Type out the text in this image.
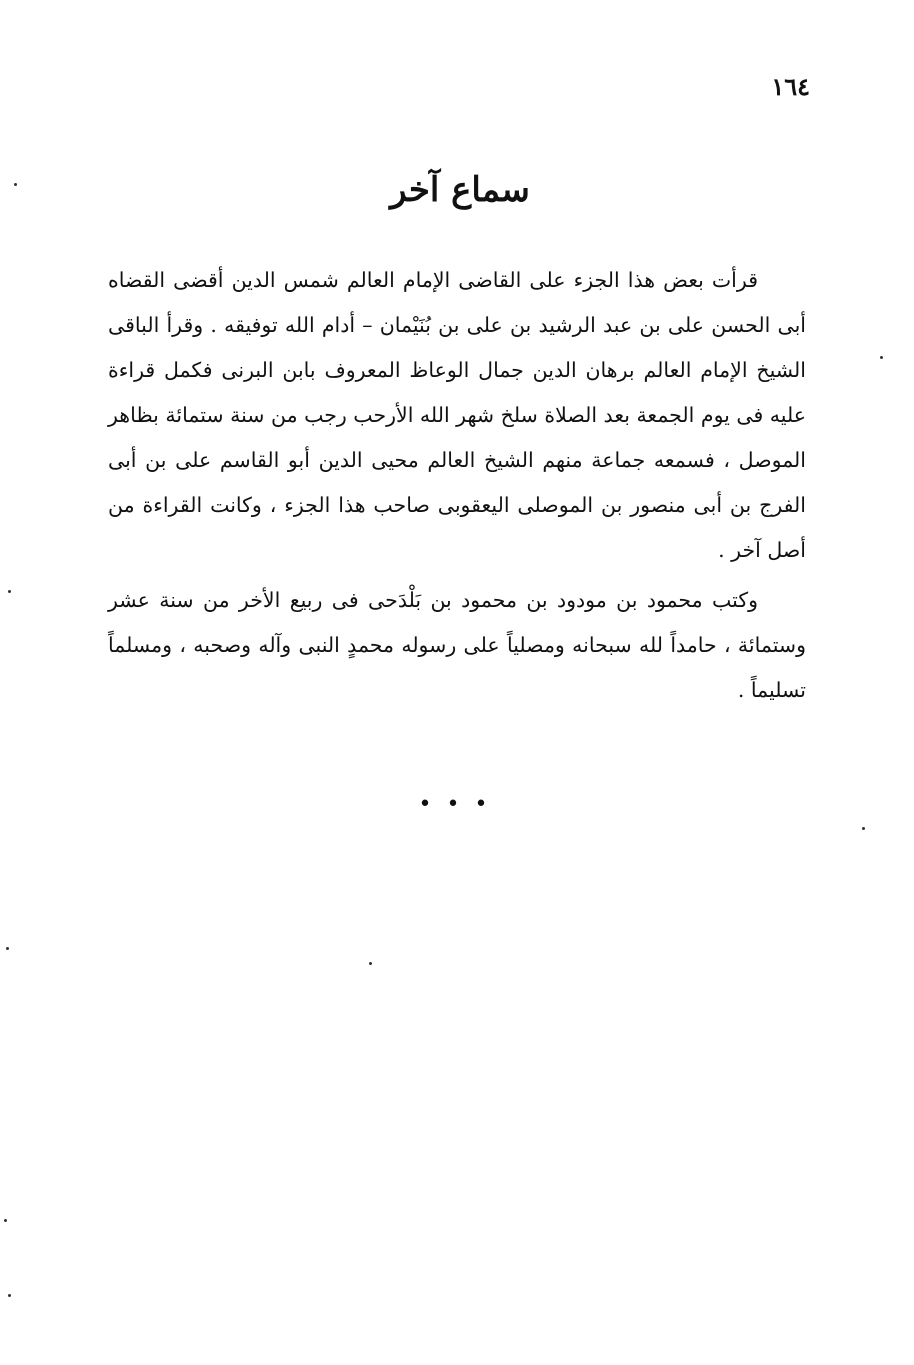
١٦٤
سماع آخر

قرأت بعض هذا الجزء على القاضى الإمام العالم شمس الدين أقضى القضاه أبى الحسن على بن عبد الرشيد بن على بن بُنَيْمان – أدام الله توفيقه . وقرأ الباقى الشيخ الإمام العالم برهان الدين جمال الوعاظ المعروف بابن البرنى فكمل قراءة عليه فى يوم الجمعة بعد الصلاة سلخ شهر الله الأرحب رجب من سنة ستمائة بظاهر الموصل ، فسمعه جماعة منهم الشيخ العالم محيى الدين أبو القاسم على بن أبى الفرج بن أبى منصور بن الموصلى اليعقوبى صاحب هذا الجزء ، وكانت القراءة من أصل آخر .

وكتب محمود بن مودود بن محمود بن بَلْدَحى فى ربيع الأخر من سنة عشر وستمائة ، حامداً لله سبحانه ومصلياً على رسوله محمدٍ النبى وآله وصحبه ، ومسلماً تسليماً .

• • •
